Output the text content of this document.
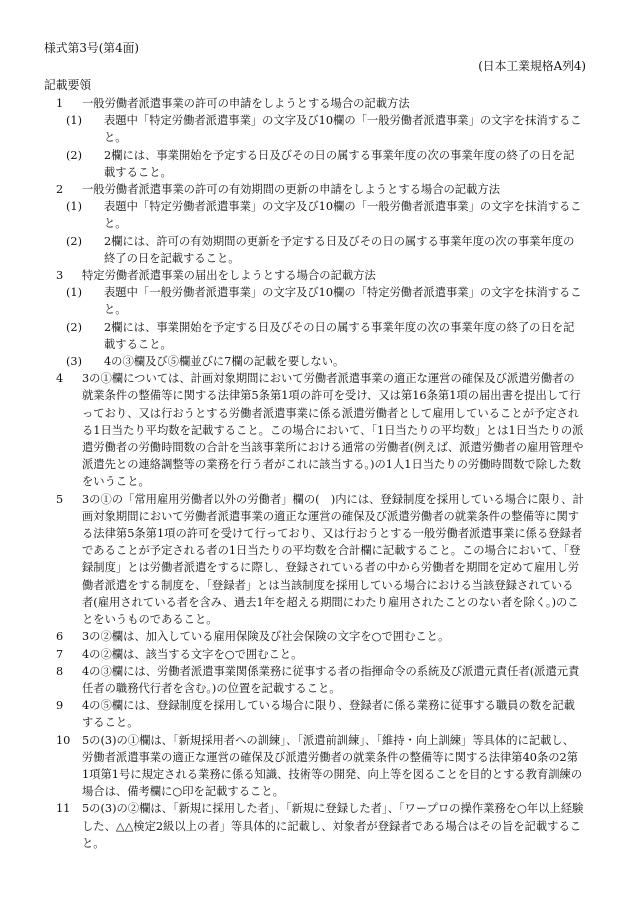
様式第3号(第4面)
(日本工業規格A列4)
記載要領

1	一般労働者派遣事業の許可の申請をしようとする場合の記載方法

(1) 表題中「特定労働者派遣事業」の文字及び10欄の「一般労働者派遣事業」の文字を抹消すること。

(2) 2欄には、事業開始を予定する日及びその日の属する事業年度の次の事業年度の終了の日を記載すること。

2	一般労働者派遣事業の許可の有効期間の更新の申請をしようとする場合の記載方法

(1) 表題中「特定労働者派遣事業」の文字及び10欄の「一般労働者派遣事業」の文字を抹消すること。

(2) 2欄には、許可の有効期間の更新を予定する日及びその日の属する事業年度の次の事業年度の終了の日を記載すること。

3	特定労働者派遣事業の届出をしようとする場合の記載方法

(1) 表題中「一般労働者派遣事業」の文字及び10欄の「特定労働者派遣事業」の文字を抹消すること。

(2) 2欄には、事業開始を予定する日及びその日の属する事業年度の次の事業年度の終了の日を記載すること。

(3) 4の③欄及び⑤欄並びに7欄の記載を要しない。

4	3の①欄については、計画対象期間において労働者派遣事業の適正な運営の確保及び派遣労働者の就業条件の整備等に関する法律第5条第1項の許可を受け、又は第16条第1項の届出書を提出して行っており、又は行おうとする労働者派遣事業に係る派遣労働者として雇用していることが予定される1日当たり平均数を記載すること。この場合において、「1日当たりの平均数」とは1日当たりの派遣労働者の労働時間数の合計を当該事業所における通常の労働者(例えば、派遣労働者の雇用管理や派遣先との連絡調整等の業務を行う者がこれに該当する。)の1人1日当たりの労働時間数で除した数をいうこと。

5	3の①の「常用雇用労働者以外の労働者」欄の(　)内には、登録制度を採用している場合に限り、計画対象期間において労働者派遣事業の適正な運営の確保及び派遣労働者の就業条件の整備等に関する法律第5条第1項の許可を受けて行っており、又は行おうとする一般労働者派遣事業に係る登録者であることが予定される者の1日当たりの平均数を合計欄に記載すること。この場合において、「登録制度」とは労働者派遣をするに際し、登録されている者の中から労働者を期間を定めて雇用し労働者派遣をする制度を、「登録者」とは当該制度を採用している場合における当該登録されている者(雇用されている者を含み、過去1年を超える期間にわたり雇用されたことのない者を除く。)のことをいうものであること。

6	3の②欄は、加入している雇用保険及び社会保険の文字を○で囲むこと。

7	4の②欄は、該当する文字を○で囲むこと。

8	4の③欄には、労働者派遣事業関係業務に従事する者の指揮命令の系統及び派遣元責任者(派遣元責任者の職務代行者を含む。)の位置を記載すること。

9	4の⑤欄には、登録制度を採用している場合に限り、登録者に係る業務に従事する職員の数を記載すること。

10	5の(3)の①欄は、「新規採用者への訓練」、「派遣前訓練」、「維持・向上訓練」等具体的に記載し、労働者派遣事業の適正な運営の確保及び派遣労働者の就業条件の整備等に関する法律第40条の2第1項第1号に規定される業務に係る知識、技術等の開発、向上等を図ることを目的とする教育訓練の場合は、備考欄に○印を記載すること。

11	5の(3)の②欄は、「新規に採用した者」、「新規に登録した者」、「ワープロの操作業務を○年以上経験した、△△検定2級以上の者」等具体的に記載し、対象者が登録者である場合はその旨を記載すること。
